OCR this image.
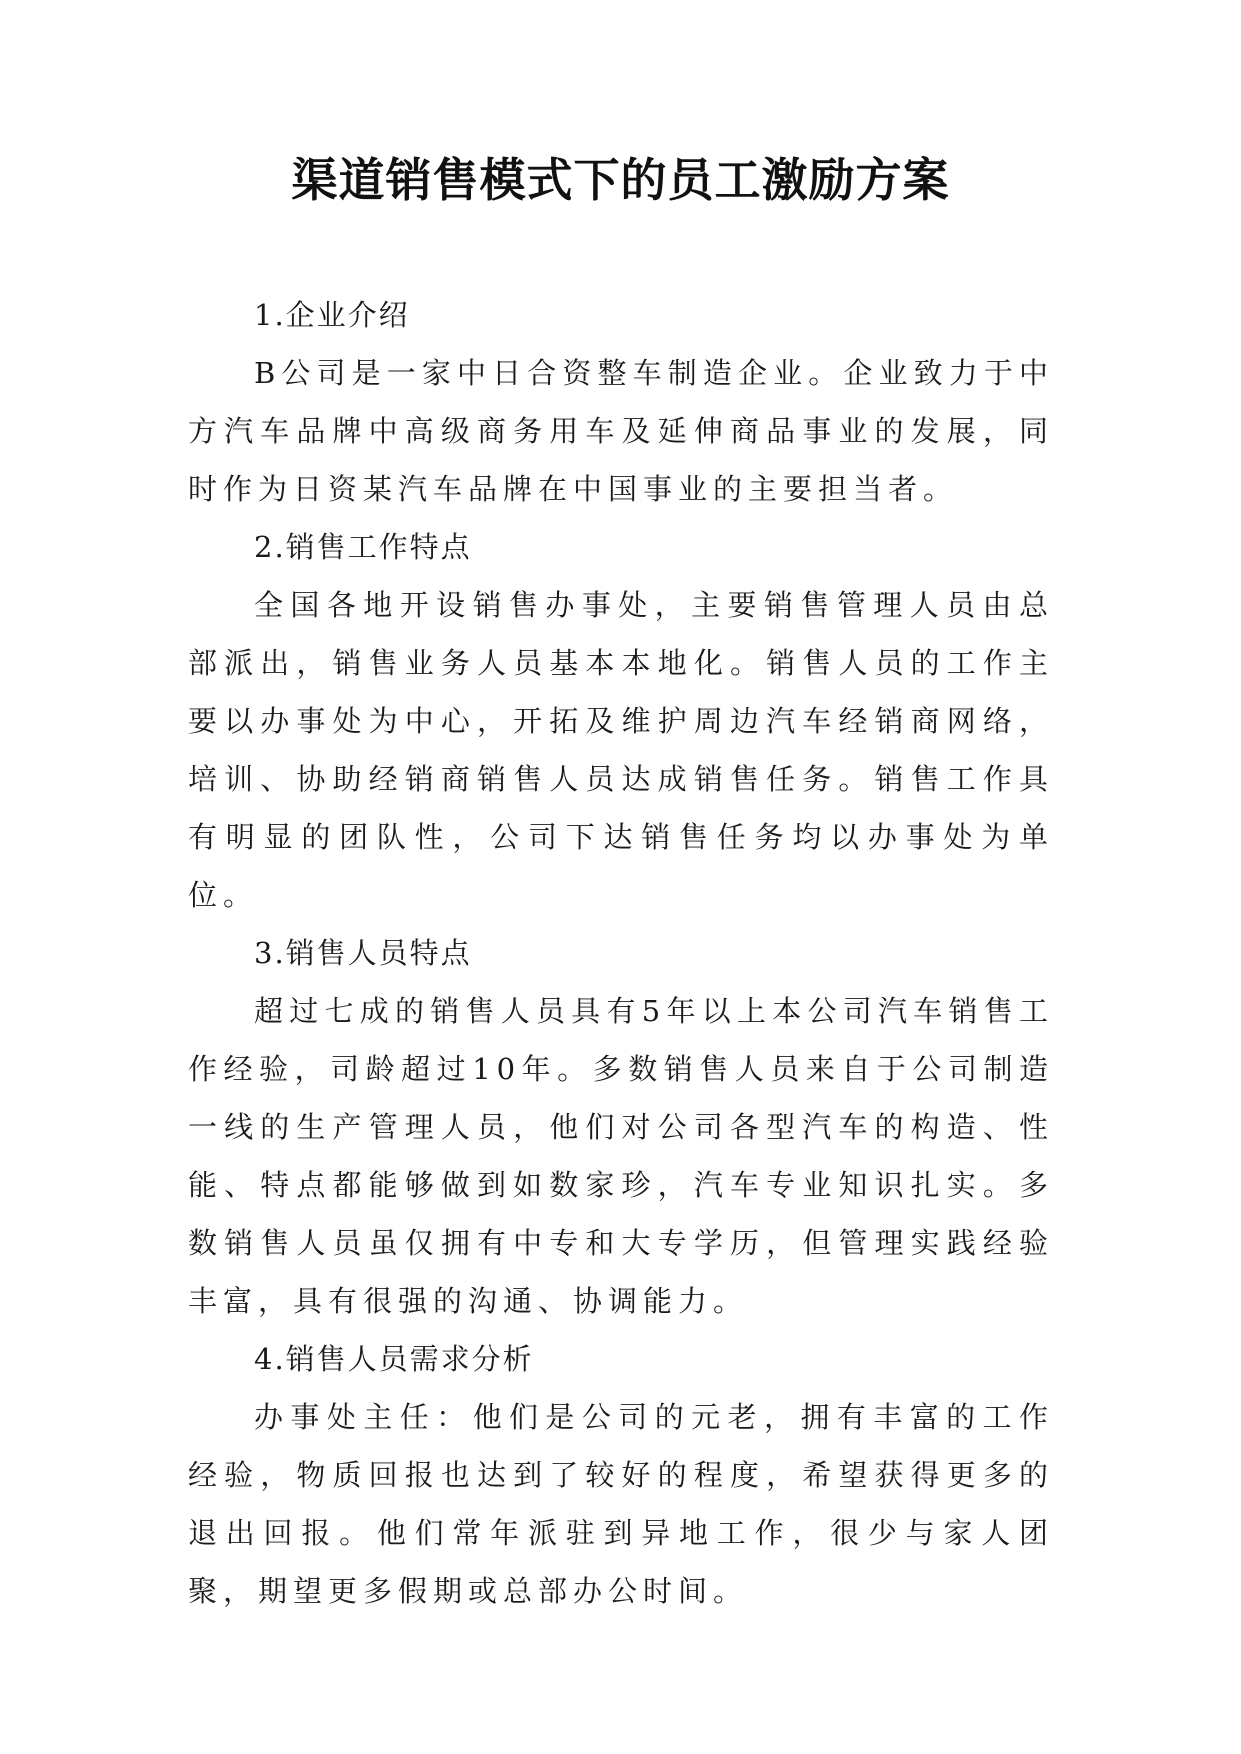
渠道销售模式下的员工激励方案

1.企业介绍

B公司是一家中日合资整车制造企业。企业致力于中方汽车品牌中高级商务用车及延伸商品事业的发展，同时作为日资某汽车品牌在中国事业的主要担当者。

2.销售工作特点

全国各地开设销售办事处，主要销售管理人员由总部派出，销售业务人员基本本地化。销售人员的工作主要以办事处为中心，开拓及维护周边汽车经销商网络，培训、协助经销商销售人员达成销售任务。销售工作具有明显的团队性，公司下达销售任务均以办事处为单位。

3.销售人员特点

超过七成的销售人员具有5年以上本公司汽车销售工作经验，司龄超过10年。多数销售人员来自于公司制造一线的生产管理人员，他们对公司各型汽车的构造、性能、特点都能够做到如数家珍，汽车专业知识扎实。多数销售人员虽仅拥有中专和大专学历，但管理实践经验丰富，具有很强的沟通、协调能力。

4.销售人员需求分析

办事处主任：他们是公司的元老，拥有丰富的工作经验，物质回报也达到了较好的程度，希望获得更多的退出回报。他们常年派驻到异地工作，很少与家人团聚，期望更多假期或总部办公时间。
